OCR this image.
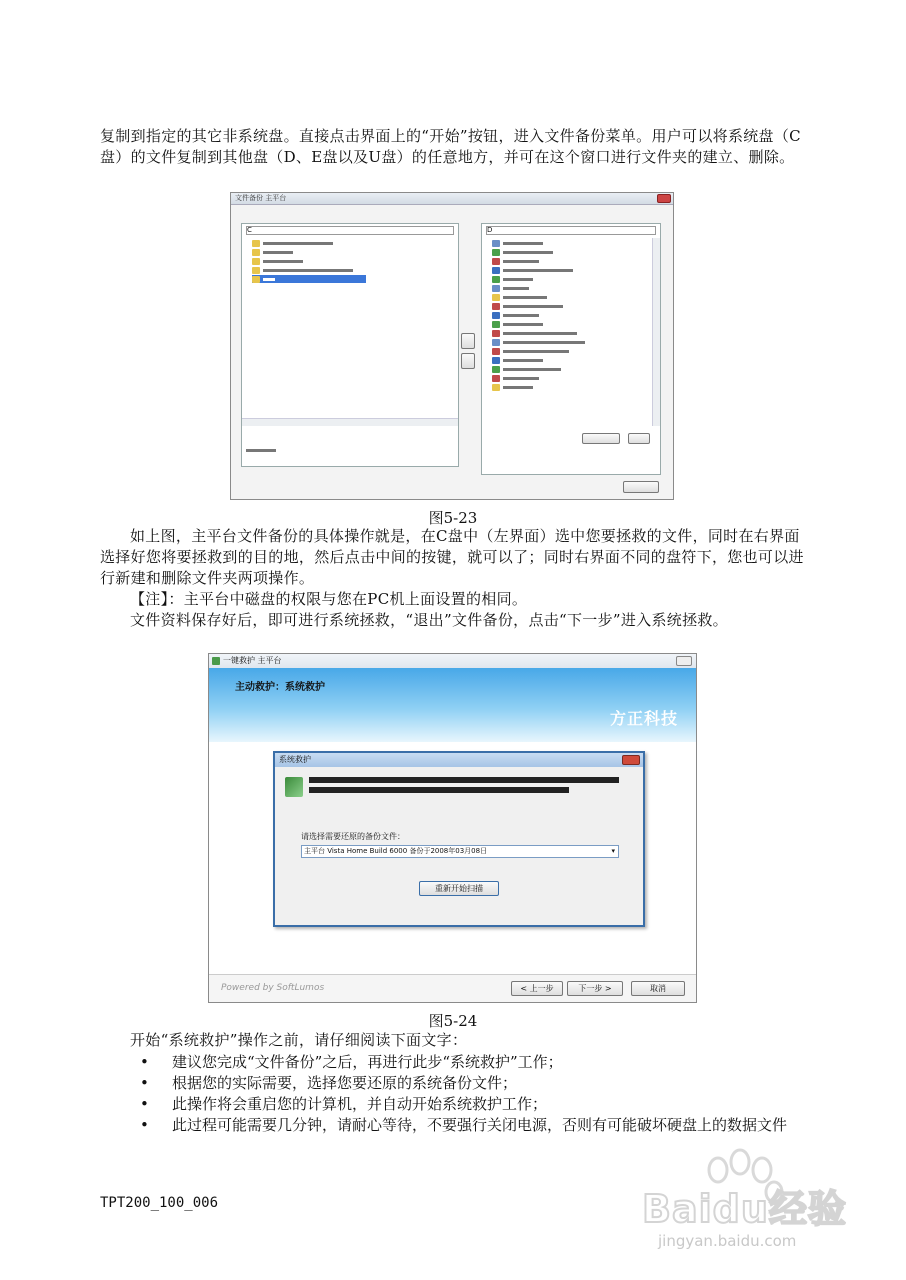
复制到指定的其它非系统盘。直接点击界面上的“开始”按钮，进入文件备份菜单。用户可以将系统盘（C盘）的文件复制到其他盘（D、E盘以及U盘）的任意地方，并可在这个窗口进行文件夹的建立、删除。
文件备份 主平台
C	D
图5-23
如上图，主平台文件备份的具体操作就是，在C盘中（左界面）选中您要拯救的文件，同时在右界面选择好您将要拯救到的目的地，然后点击中间的按键，就可以了；同时右界面不同的盘符下，您也可以进行新建和删除文件夹两项操作。
【注】：主平台中磁盘的权限与您在PC机上面设置的相同。
文件资料保存好后，即可进行系统拯救，“退出”文件备份，点击“下一步”进入系统拯救。
一键救护 主平台
主动救护：系统救护
方正科技
Powered by SoftLumos	< 上一步	下一步 >	取消
系统救护
请选择需要还原的备份文件：
主平台 Vista Home Build 6000 备份于2008年03月08日	▾
重新开始扫描
图5-24
开始“系统救护”操作之前，请仔细阅读下面文字：
• 建议您完成“文件备份”之后，再进行此步“系统救护”工作；
• 根据您的实际需要，选择您要还原的系统备份文件；
• 此操作将会重启您的计算机，并自动开始系统救护工作；
• 此过程可能需要几分钟，请耐心等待，不要强行关闭电源，否则有可能破坏硬盘上的数据文件
TPT200_100_006	Baidu经验
jingyan.baidu.com
